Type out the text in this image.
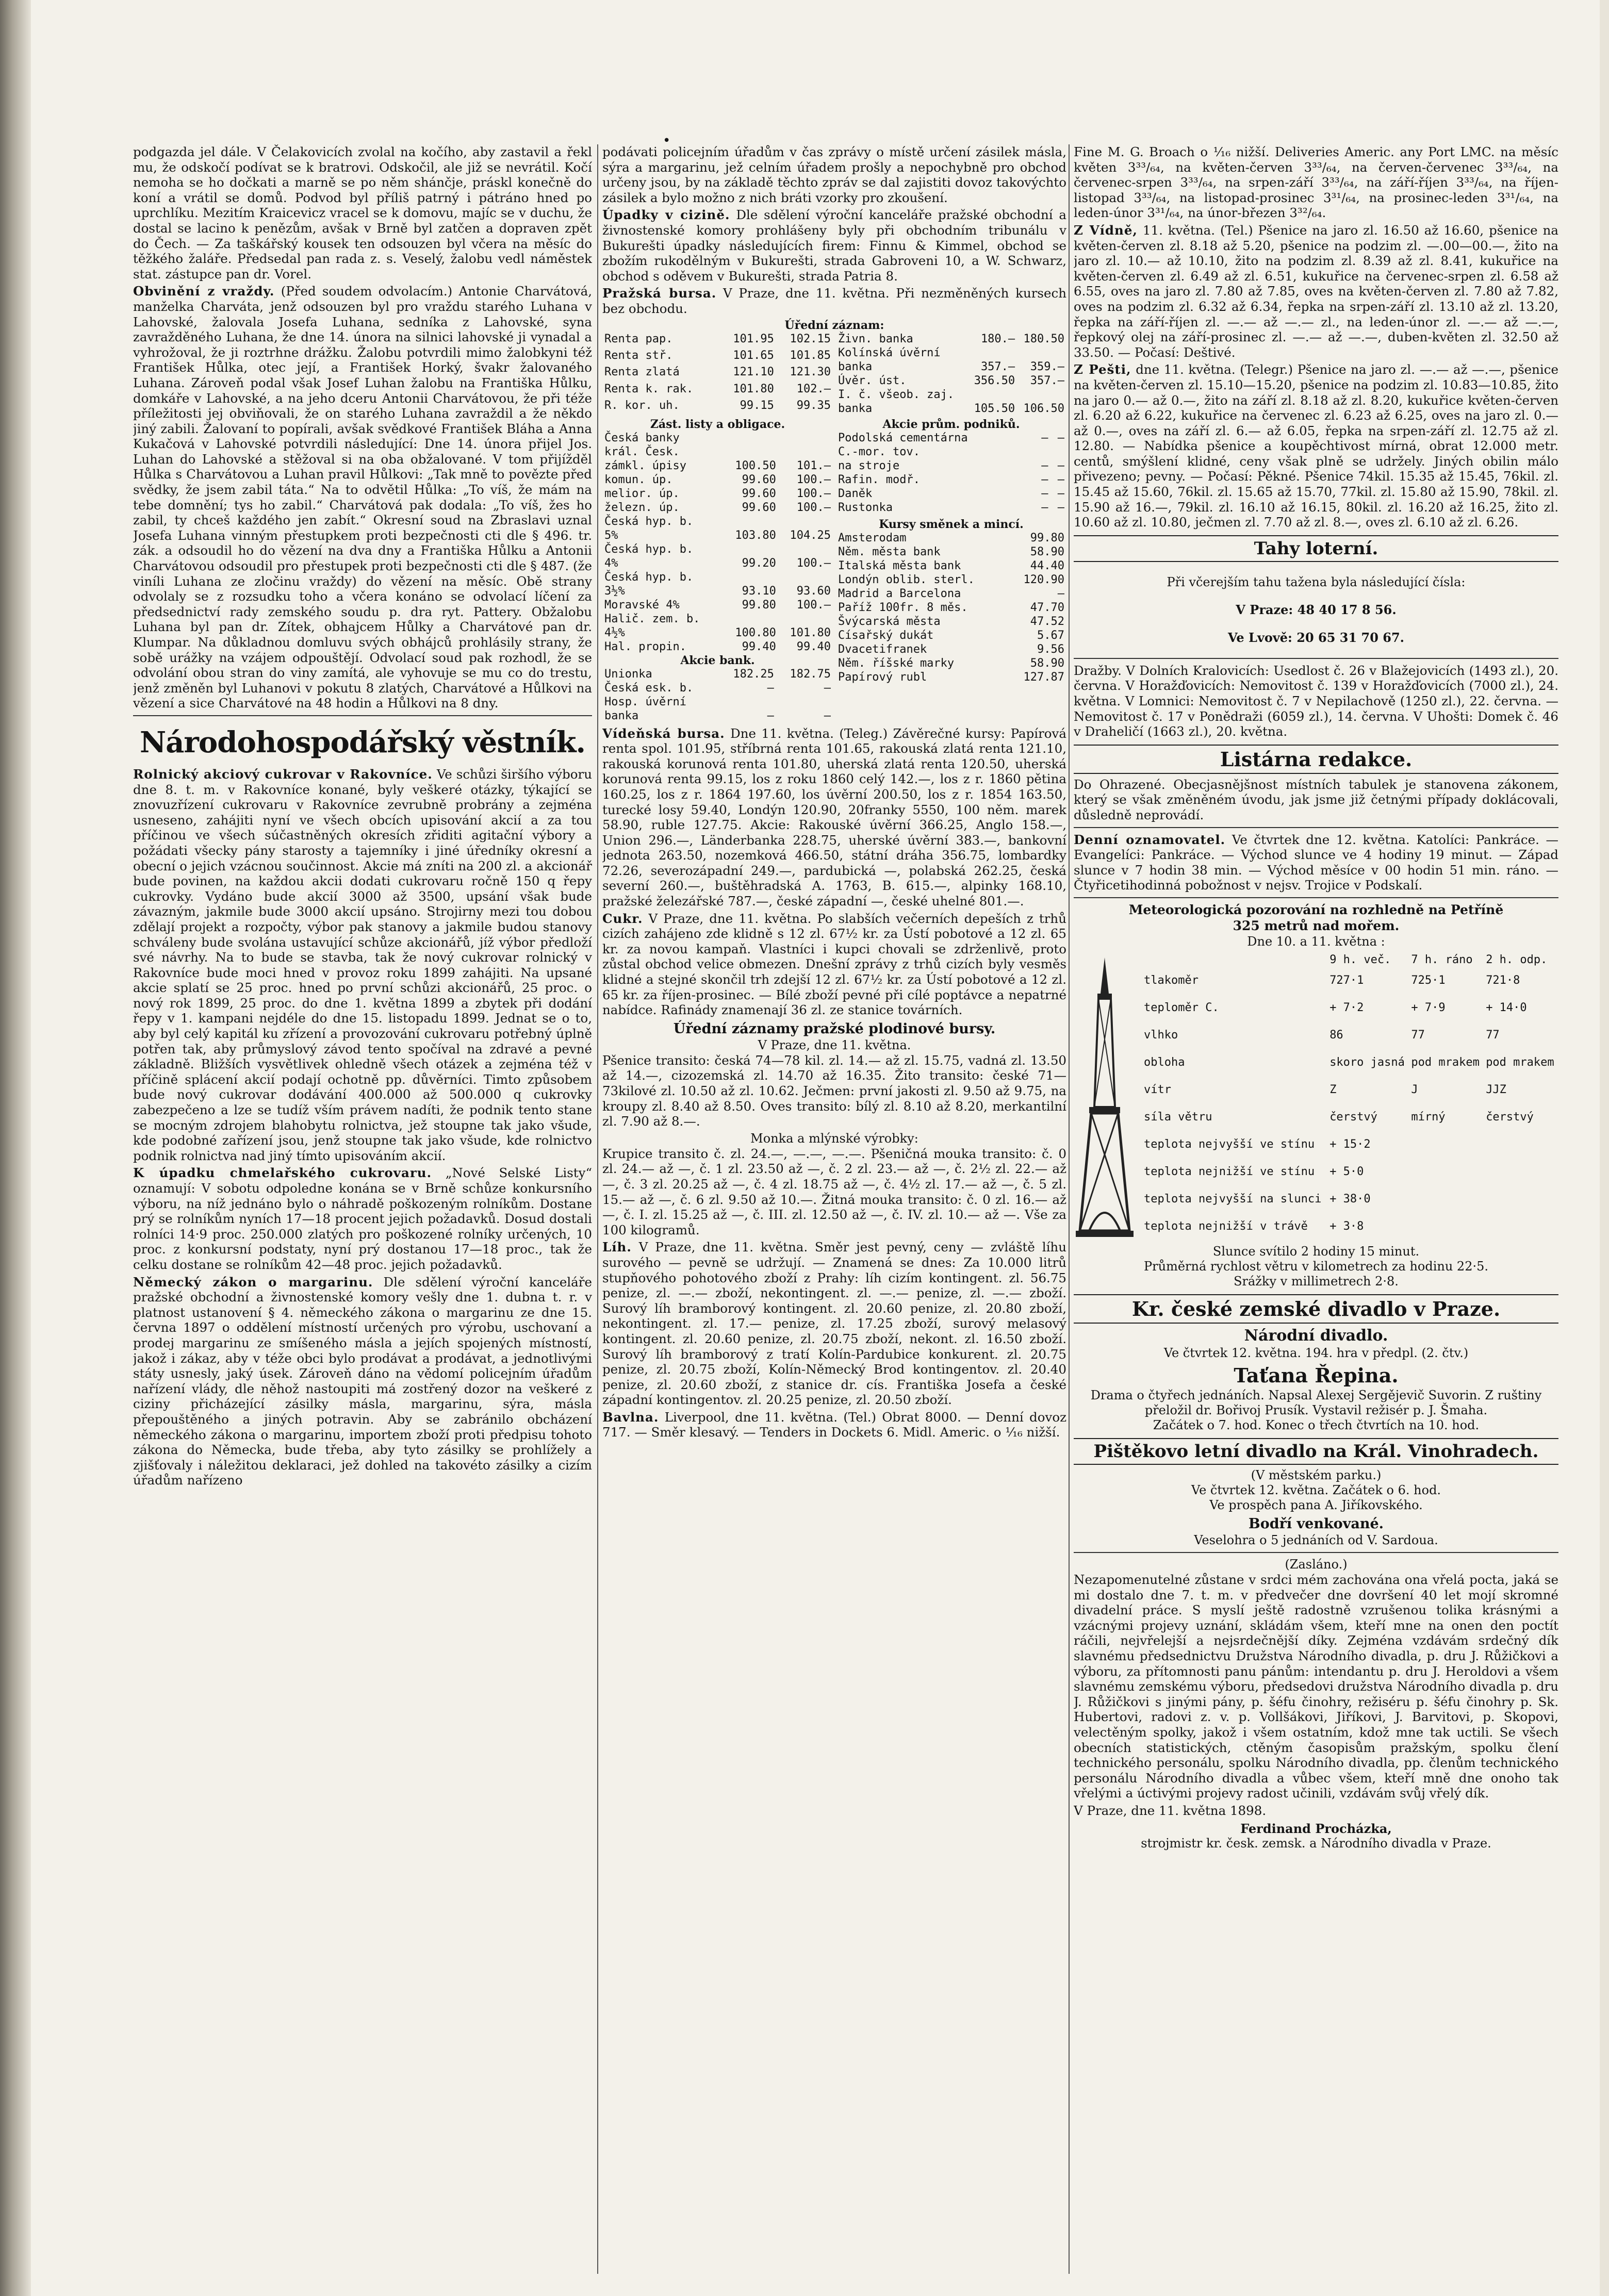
•

podgazda jel dále. V Čelakovicích zvolal na kočího, aby zastavil a řekl mu, že odskočí podívat se k bratrovi. Odskočil, ale již se nevrátil. Kočí nemoha se ho dočkati a marně se po něm shánčje, práskl konečně do koní a vrátil se domů. Podvod byl příliš patrný i pátráno hned po uprchlíku. Mezitím Kraicevicz vracel se k domovu, majíc se v duchu, že dostal se lacino k penězům, avšak v Brně byl zatčen a dopraven zpět do Čech. — Za taškářský kousek ten odsouzen byl včera na měsíc do těžkého žaláře. Předsedal pan rada z. s. Veselý, žalobu vedl náměstek stat. zástupce pan dr. Vorel.

Obvinění z vraždy. (Před soudem odvolacím.) Antonie Charvátová, manželka Charváta, jenž odsouzen byl pro vraždu starého Luhana v Lahovské, žalovala Josefa Luhana, sedníka z Lahovské, syna zavražděného Luhana, že dne 14. února na silnici lahovské ji vynadal a vyhrožoval, že ji roztrhne drážku. Žalobu potvrdili mimo žalobkyni též František Hůlka, otec její, a František Horký, švakr žalovaného Luhana. Zároveň podal však Josef Luhan žalobu na Františka Hůlku, domkáře v Lahovské, a na jeho dceru Antonii Charvátovou, že při téže příležitosti jej obviňovali, že on starého Luhana zavraždil a že někdo jiný zabili. Žalovaní to popírali, avšak svědkové František Bláha a Anna Kukačová v Lahovské potvrdili následující: Dne 14. února přijel Jos. Luhan do Lahovské a stěžoval si na oba obžalované. V tom přijížděl Hůlka s Charvátovou a Luhan pravil Hůlkovi: „Tak mně to povězte před svědky, že jsem zabil táta.“ Na to odvětil Hůlka: „To víš, že mám na tebe domnění; tys ho zabil.“ Charvátová pak dodala: „To víš, žes ho zabil, ty chceš každého jen zabít.“ Okresní soud na Zbraslavi uznal Josefa Luhana vinným přestupkem proti bezpečnosti cti dle § 496. tr. zák. a odsoudil ho do vězení na dva dny a Františka Hůlku a Antonii Charvátovou odsoudil pro přestupek proti bezpečnosti cti dle § 487. (že viníli Luhana ze zločinu vraždy) do vězení na měsíc. Obě strany odvolaly se z rozsudku toho a včera konáno se odvolací líčení za předsednictví rady zemského soudu p. dra ryt. Pattery. Obžalobu Luhana byl pan dr. Zítek, obhajcem Hůlky a Charvátové pan dr. Klumpar. Na důkladnou domluvu svých obhájců prohlásily strany, že sobě urážky na vzájem odpouštějí. Odvolací soud pak rozhodl, že se odvolání obou stran do viny zamítá, ale vyhovuje se mu co do trestu, jenž změněn byl Luhanovi v pokutu 8 zlatých, Charvátové a Hůlkovi na vězení a sice Charvátové na 48 hodin a Hůlkovi na 8 dny.

Národohospodářský věstník.

Rolnický akciový cukrovar v Rakovníce. Ve schůzi širšího výboru dne 8. t. m. v Rakovníce konané, byly veškeré otázky, týkající se znovuzřízení cukrovaru v Rakovníce zevrubně probrány a zejména usneseno, zahájiti nyní ve všech obcích upisování akcií a za tou příčinou ve všech súčastněných okresích zřiditi agitační výbory a požádati všecky pány starosty a tajemníky i jiné úředníky okresní a obecní o jejich vzácnou součinnost. Akcie má zníti na 200 zl. a akcionář bude povinen, na každou akcii dodati cukrovaru ročně 150 q řepy cukrovky. Vydáno bude akcií 3000 až 3500, upsání však bude závazným, jakmile bude 3000 akcií upsáno. Strojirny mezi tou dobou zdělají projekt a rozpočty, výbor pak stanovy a jakmile budou stanovy schváleny bude svolána ustavující schůze akcionářů, jíž výbor předloží své návrhy. Na to bude se stavba, tak že nový cukrovar rolnický v Rakovníce bude moci hned v provoz roku 1899 zahájiti. Na upsané akcie splatí se 25 proc. hned po první schůzi akcionářů, 25 proc. o nový rok 1899, 25 proc. do dne 1. května 1899 a zbytek při dodání řepy v 1. kampani nejdéle do dne 15. listopadu 1899. Jednat se o to, aby byl celý kapitál ku zřízení a provozování cukrovaru potřebný úplně potřen tak, aby průmyslový závod tento spočíval na zdravé a pevné základně. Bližších vysvětlivek ohledně všech otázek a zejména též v příčině splácení akcií podají ochotně pp. důvěrníci. Timto způsobem bude nový cukrovar dodávání 400.000 až 500.000 q cukrovky zabezpečeno a lze se tudíž vším právem nadíti, že podnik tento stane se mocným zdrojem blahobytu rolnictva, jež stoupne tak jako všude, kde podobné zařízení jsou, jenž stoupne tak jako všude, kde rolnictvo podnik rolnictva nad jiný tímto upisováním akcií.

K úpadku chmelařského cukrovaru. „Nové Selské Listy“ oznamují: V sobotu odpoledne konána se v Brně schůze konkursního výboru, na níž jednáno bylo o náhradě poškozeným rolníkům. Dostane prý se rolníkům nyních 17—18 procent jejich požadavků. Dosud dostali rolníci 14·9 proc. 250.000 zlatých pro poškozené rolníky určených, 10 proc. z konkursní podstaty, nyní prý dostanou 17—18 proc., tak že celku dostane se rolníkům 42—48 proc. jejich požadavků.

Německý zákon o margarinu. Dle sdělení výroční kanceláře pražské obchodní a živnostenské komory vešly dne 1. dubna t. r. v platnost ustanovení § 4. německého zákona o margarinu ze dne 15. června 1897 o oddělení místností určených pro výrobu, uschovaní a prodej margarinu ze smíšeného másla a jejích spojených místností, jakož i zákaz, aby v téže obci bylo prodávat a prodávat, a jednotlivými státy usnesly, jaký úsek. Zároveň dáno na vědomí policejním úřadům nařízení vlády, dle něhož nastoupiti má zostřený dozor na veškeré z ciziny přicházející zásilky másla, margarinu, sýra, másla přepouštěného a jiných potravin. Aby se zabránilo obcházení německého zákona o margarinu, importem zboží proti předpisu tohoto zákona do Německa, bude třeba, aby tyto zásilky se prohlížely a zjišťovaly i náležitou deklaraci, jež dohled na takovéto zásilky a cizím úřadům nařízeno

podávati policejním úřadům v čas zprávy o místě určení zásilek másla, sýra a margarinu, jež celním úřadem prošly a nepochybně pro obchod určeny jsou, by na základě těchto zpráv se dal zajistiti dovoz takovýchto zásilek a bylo možno z nich bráti vzorky pro zkoušení.

Úpadky v cizině. Dle sdělení výroční kanceláře pražské obchodní a živnostenské komory prohlášeny byly při obchodním tribunálu v Bukurešti úpadky následujících firem: Finnu & Kimmel, obchod se zbožím rukodělným v Bukurešti, strada Gabroveni 10, a W. Schwarz, obchod s oděvem v Bukurešti, strada Patria 8.

Pražská bursa. V Praze, dne 11. května. Při nezměněných kursech bez obchodu.

Úřední záznam:
Renta pap.	101.95	102.15
Renta stř.	101.65	101.85
Renta zlatá	121.10	121.30
Renta k. rak.	101.80	102.—
R. kor. uh.	99.15	99.35
Živn. banka	180.—	180.50
Kolínská úvěrní		
banka	357.—	359.—
Úvěr. úst.	356.50	357.—
I. č. všeob. zaj.		
banka	105.50	106.50
Zást. listy a obligace.
Česká banky		
král. Česk.		
zámkl. úpisy	100.50	101.—
komun. úp.	99.60	100.—
melior. úp.	99.60	100.—
železn. úp.	99.60	100.—
Česká hyp. b.		
5%	103.80	104.25
Česká hyp. b.		
4%	99.20	100.—
Česká hyp. b.		
3½%	93.10	93.60
Moravské 4%	99.80	100.—
Halič. zem. b.		
4½%	100.80	101.80
Hal. propin.	99.40	99.40
Akcie bank.
Unionka	182.25	182.75
Česká esk. b.	—	—
Hosp. úvěrní		
banka	—	—
Akcie prům. podniků.
Podolská cementárna	—	—
C.-mor. tov.		
na stroje	—	—
Rafin. modř.	—	—
Daněk	—	—
Rustonka	—	—
Kursy směnek a mincí.
Amsterodam	99.80
Něm. města bank	58.90
Italská města bank	44.40
Londýn oblib. sterl.	120.90
Madrid a Barcelona	—
Paříž 100fr. 8 měs.	47.70
Švýcarská města	47.52
Císařský dukát	5.67
Dvacetifranek	9.56
Něm. říšské marky	58.90
Papírový rubl	127.87

Vídeňská bursa. Dne 11. května. (Teleg.) Závěrečné kursy: Papírová renta spol. 101.95, stříbrná renta 101.65, rakouská zlatá renta 121.10, rakouská korunová renta 101.80, uherská zlatá renta 120.50, uherská korunová renta 99.15, los z roku 1860 celý 142.—, los z r. 1860 pětina 160.25, los z r. 1864 197.60, los úvěrní 200.50, los z r. 1854 163.50, turecké losy 59.40, Londýn 120.90, 20franky 5550, 100 něm. marek 58.90, ruble 127.75. Akcie: Rakouské úvěrní 366.25, Anglo 158.—, Union 296.—, Länderbanka 228.75, uherské úvěrní 383.—, bankovní jednota 263.50, nozemková 466.50, státní dráha 356.75, lombardky 72.26, severozápadní 249.—, pardubická —, polabská 262.25, česká severní 260.—, buštěhradská A. 1763, B. 615.—, alpinky 168.10, pražské železářské 787.—, české západní —, české uhelné 801.—.

Cukr. V Praze, dne 11. května. Po slabších večerních depeších z trhů cizích zahájeno zde klidně s 12 zl. 67½ kr. za Ústí pobotové a 12 zl. 65 kr. za novou kampaň. Vlastníci i kupci chovali se zdrženlivě, proto zůstal obchod velice obmezen. Dnešní zprávy z trhů cizích byly vesměs klidné a stejné skončil trh zdejší 12 zl. 67½ kr. za Ústí pobotové a 12 zl. 65 kr. za říjen-prosinec. — Bílé zboží pevné při cílé poptávce a nepatrné nabídce. Rafinády znamenají 36 zl. ze stanice továrních.

Úřední záznamy pražské plodinové bursy.

V Praze, dne 11. května.

Pšenice transito: česká 74—78 kil. zl. 14.— až zl. 15.75, vadná zl. 13.50 až 14.—, cizozemská zl. 14.70 až 16.35. Žito transito: české 71—73kilové zl. 10.50 až zl. 10.62. Ječmen: první jakosti zl. 9.50 až 9.75, na kroupy zl. 8.40 až 8.50. Oves transito: bílý zl. 8.10 až 8.20, merkantilní zl. 7.90 až 8.—.

Monka a mlýnské výrobky:

Krupice transito č. zl. 24.—, —.—, —.—. Pšeničná mouka transito: č. 0 zl. 24.— až —, č. 1 zl. 23.50 až —, č. 2 zl. 23.— až —, č. 2½ zl. 22.— až —, č. 3 zl. 20.25 až —, č. 4 zl. 18.75 až —, č. 4½ zl. 17.— až —, č. 5 zl. 15.— až —, č. 6 zl. 9.50 až 10.—. Žitná mouka transito: č. 0 zl. 16.— až —, č. I. zl. 15.25 až —, č. III. zl. 12.50 až —, č. IV. zl. 10.— až —. Vše za 100 kilogramů.

Líh. V Praze, dne 11. května. Směr jest pevný, ceny — zvláště líhu surového — pevně se udržují. — Znamená se dnes: Za 10.000 litrů stupňového pohotového zboží z Prahy: líh cizím kontingent. zl. 56.75 penize, zl. —.— zboží, nekontingent. zl. —.— penize, zl. —.— zboží. Surový líh bramborový kontingent. zl. 20.60 penize, zl. 20.80 zboží, nekontingent. zl. 17.— penize, zl. 17.25 zboží, surový melasový kontingent. zl. 20.60 penize, zl. 20.75 zboží, nekont. zl. 16.50 zboží. Surový líh bramborový z tratí Kolín-Pardubice konkurent. zl. 20.75 penize, zl. 20.75 zboží, Kolín-Německý Brod kontingentov. zl. 20.40 penize, zl. 20.60 zboží, z stanice dr. cís. Františka Josefa a české západní kontingentov. zl. 20.25 penize, zl. 20.50 zboží.

Bavlna. Liverpool, dne 11. května. (Tel.) Obrat 8000. — Denní dovoz 717. — Směr klesavý. — Tenders in Dockets 6. Midl. Americ. o ⅟₁₆ nižší.

Fine M. G. Broach o ⅟₁₆ nižší. Deliveries Americ. any Port LMC. na měsíc květen 3³³/₆₄, na květen-červen 3³³/₆₄, na červen-červenec 3³³/₆₄, na červenec-srpen 3³³/₆₄, na srpen-září 3³³/₆₄, na září-říjen 3³³/₆₄, na říjen-listopad 3³³/₆₄, na listopad-prosinec 3³¹/₆₄, na prosinec-leden 3³¹/₆₄, na leden-únor 3³¹/₆₄, na únor-březen 3³²/₆₄.

Z Vídně, 11. května. (Tel.) Pšenice na jaro zl. 16.50 až 16.60, pšenice na květen-červen zl. 8.18 až 5.20, pšenice na podzim zl. —.00—00.—, žito na jaro zl. 10.— až 10.10, žito na podzim zl. 8.39 až zl. 8.41, kukuřice na květen-červen zl. 6.49 až zl. 6.51, kukuřice na červenec-srpen zl. 6.58 až 6.55, oves na jaro zl. 7.80 až 7.85, oves na květen-červen zl. 7.80 až 7.82, oves na podzim zl. 6.32 až 6.34, řepka na srpen-září zl. 13.10 až zl. 13.20, řepka na září-říjen zl. —.— až —.— zl., na leden-únor zl. —.— až —.—, řepkový olej na září-prosinec zl. —.— až —.—, duben-květen zl. 32.50 až 33.50. — Počasí: Deštivé.

Z Pešti, dne 11. května. (Telegr.) Pšenice na jaro zl. —.— až —.—, pšenice na květen-červen zl. 15.10—15.20, pšenice na podzim zl. 10.83—10.85, žito na jaro 0.— až 0.—, žito na září zl. 8.18 až zl. 8.20, kukuřice květen-červen zl. 6.20 až 6.22, kukuřice na červenec zl. 6.23 až 6.25, oves na jaro zl. 0.— až 0.—, oves na září zl. 6.— až 6.05, řepka na srpen-září zl. 12.75 až zl. 12.80. — Nabídka pšenice a koupěchtivost mírná, obrat 12.000 metr. centů, smýšlení klidné, ceny však plně se udržely. Jiných obilin málo přivezeno; pevny. — Počasí: Pěkné. Pšenice 74kil. 15.35 až 15.45, 76kil. zl. 15.45 až 15.60, 76kil. zl. 15.65 až 15.70, 77kil. zl. 15.80 až 15.90, 78kil. zl. 15.90 až 16.—, 79kil. zl. 16.10 až 16.15, 80kil. zl. 16.20 až 16.25, žito zl. 10.60 až zl. 10.80, ječmen zl. 7.70 až zl. 8.—, oves zl. 6.10 až zl. 6.26.

Tahy loterní.

Při včerejším tahu tažena byla následující čísla:

V Praze: 48 40 17 8 56.

Ve Lvově: 20 65 31 70 67.

Dražby. V Dolních Kralovicích: Usedlost č. 26 v Blažejovicích (1493 zl.), 20. června. V Horažďovicích: Nemovitost č. 139 v Horažďovicích (7000 zl.), 24. května. V Lomnici: Nemovitost č. 7 v Nepilachově (1250 zl.), 22. června. — Nemovitost č. 17 v Ponědraži (6059 zl.), 14. června. V Uhošti: Domek č. 46 v Draheličí (1663 zl.), 20. května.

Listárna redakce.

Do Ohrazené. Obecjasnějšnost místních tabulek je stanovena zákonem, který se však změněném úvodu, jak jsme již četnými případy doklácovali, důsledně neprovádí.

Denní oznamovatel. Ve čtvrtek dne 12. května. Katolíci: Pankráce. — Evangelíci: Pankráce. — Východ slunce ve 4 hodiny 19 minut. — Západ slunce v 7 hodin 38 min. — Východ měsíce v 00 hodin 51 min. ráno. — Čtyřicetihodinná pobožnost v nejsv. Trojice v Podskalí.

Meteorologická pozorování na rozhledně na Petříně
325 metrů nad mořem.

Dne 10. a 11. května :

	9 h. več.	7 h. ráno	2 h. odp.
tlakoměr	727·1	725·1	721·8
teploměr C.	+ 7·2	+ 7·9	+ 14·0
vlhko	86	77	77
obloha	skoro jasná	pod mrakem	pod mrakem
vítr	Z	J	JJZ
síla větru	čerstvý	mírný	čerstvý
teplota nejvyšší ve stínu	+ 15·2		
teplota nejnižší ve stínu	+ 5·0		
teplota nejvyšší na slunci	+ 38·0		
teplota nejnižší v trávě	+ 3·8		

Slunce svítilo 2 hodiny 15 minut.

Průměrná rychlost větru v kilometrech za hodinu 22·5.

Srážky v millimetrech 2·8.

Kr. české zemské divadlo v Praze.
Národní divadlo.

Ve čtvrtek 12. května. 194. hra v předpl. (2. čtv.)

Taťana Řepina.

Drama o čtyřech jednáních. Napsal Alexej Sergějevič Suvorin. Z ruštiny přeložil dr. Bořivoj Prusík. Vystavil režisér p. J. Šmaha.

Začátek o 7. hod. Konec o třech čtvrtích na 10. hod.

Pištěkovo letní divadlo na Král. Vinohradech.

(V městském parku.)

Ve čtvrtek 12. května. Začátek o 6. hod.

Ve prospěch pana A. Jiříkovského.

Bodří venkované.

Veselohra o 5 jednáních od V. Sardoua.

(Zasláno.)

Nezapomenutelné zůstane v srdci mém zachována ona vřelá pocta, jaká se mi dostalo dne 7. t. m. v předvečer dne dovršení 40 let mojí skromné divadelní práce. S myslí ještě radostně vzrušenou tolika krásnými a vzácnými projevy uznání, skládám všem, kteří mne na onen den poctít ráčili, nejvřelejší a nejsrdečnější díky. Zejména vzdávám srdečný dík slavnému předsednictvu Družstva Národního divadla, p. dru J. Růžičkovi a výboru, za přítomnosti panu pánům: intendantu p. dru J. Heroldovi a všem slavnému zemskému výboru, předsedovi družstva Národního divadla p. dru J. Růžičkovi s jinými pány, p. šéfu činohry, režiséru p. šéfu činohry p. Sk. Hubertovi, radovi z. v. p. Vollšákovi, Jiříkovi, J. Barvitovi, p. Skopovi, velectěným spolky, jakož i všem ostatním, kdož mne tak uctili. Se všech obecních statistických, ctěným časopisům pražským, spolku člení technického personálu, spolku Národního divadla, pp. členům technického personálu Národního divadla a vůbec všem, kteří mně dne onoho tak vřelými a úctivými projevy radost učinili, vzdávám svůj vřelý dík.

V Praze, dne 11. května 1898.

Ferdinand Procházka,

strojmistr kr. česk. zemsk. a Národního divadla v Praze.
